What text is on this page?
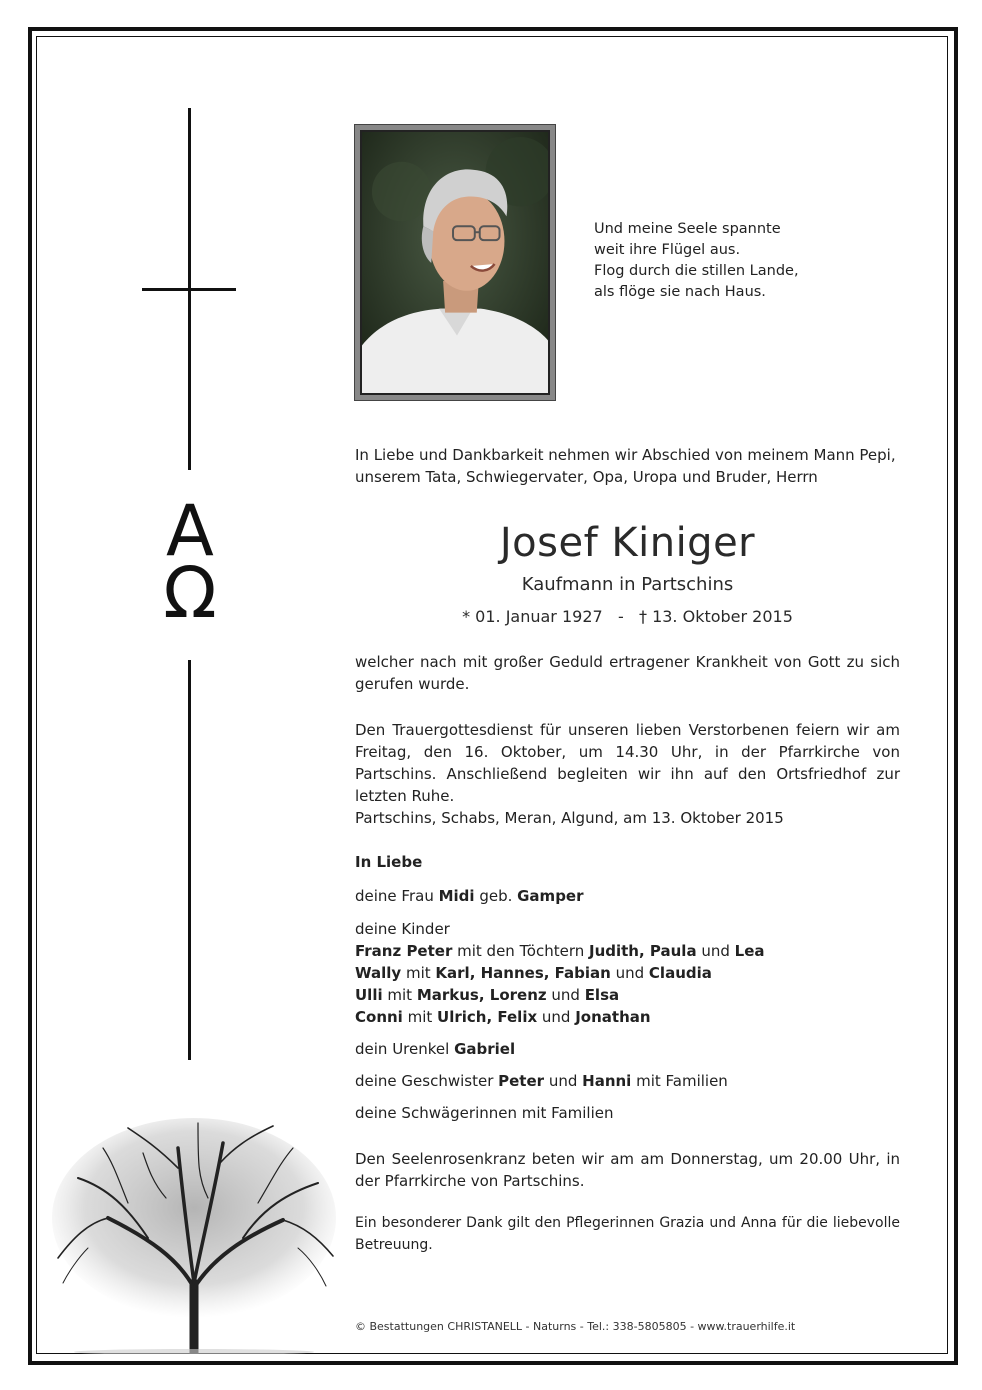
A
Ω
Und meine Seele spannte
weit ihre Flügel aus.
Flog durch die stillen Lande,
als flöge sie nach Haus.
In Liebe und Dankbarkeit nehmen wir Abschied von meinem Mann Pepi,
unserem Tata, Schwiegervater, Opa, Uropa und Bruder, Herrn
Josef Kiniger
Kaufmann in Partschins
* 01. Januar 1927   -   † 13. Oktober 2015
welcher nach mit großer Geduld ertragener Krankheit von Gott zu sich gerufen wurde.
Den Trauergottesdienst für unseren lieben Verstorbenen feiern wir am Freitag, den 16. Oktober, um 14.30 Uhr, in der Pfarrkirche von Partschins. Anschließend begleiten wir ihn auf den Ortsfriedhof zur letzten Ruhe.
Partschins, Schabs, Meran, Algund, am 13. Oktober 2015
In Liebe
deine Frau Midi geb. Gamper
deine Kinder
Franz Peter mit den Töchtern Judith, Paula und Lea
Wally mit Karl, Hannes, Fabian und Claudia
Ulli mit Markus, Lorenz und Elsa
Conni mit Ulrich, Felix und Jonathan
dein Urenkel Gabriel
deine Geschwister Peter und Hanni mit Familien
deine Schwägerinnen mit Familien
Den Seelenrosenkranz beten wir am am Donnerstag, um 20.00 Uhr, in der Pfarrkirche von Partschins.
Ein besonderer Dank gilt den Pflegerinnen Grazia und Anna für die liebevolle Betreuung.
© Bestattungen CHRISTANELL - Naturns - Tel.: 338-5805805 - www.trauerhilfe.it
